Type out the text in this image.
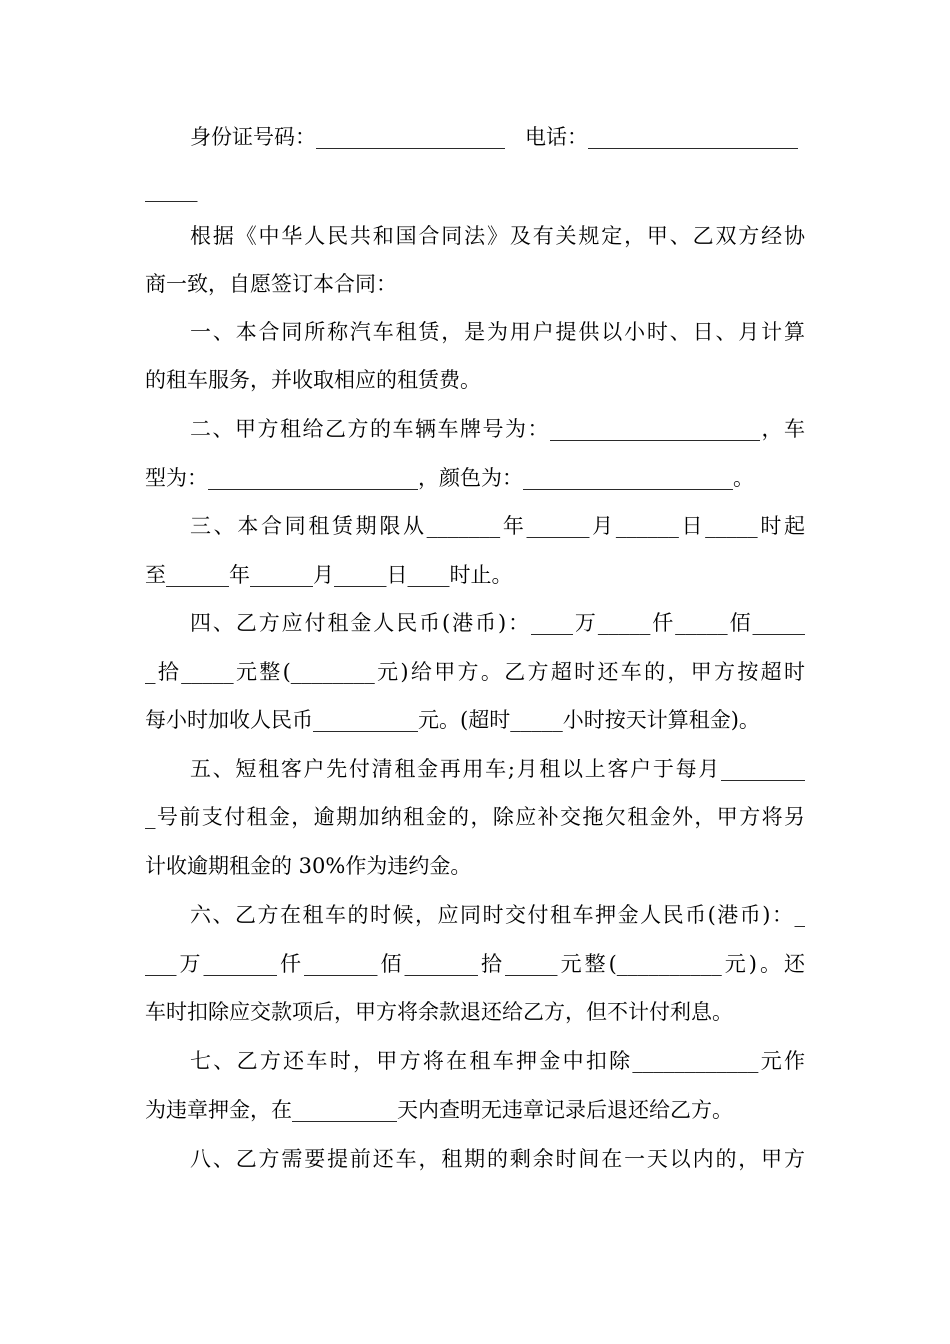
身份证号码：__________________   电话：____________________
_____
根据《中华人民共和国合同法》及有关规定，甲、乙双方经协
商一致，自愿签订本合同：
一、本合同所称汽车租赁，是为用户提供以小时、日、月计算
的租车服务，并收取相应的租赁费。
二、甲方租给乙方的车辆车牌号为：____________________，车
型为：____________________，颜色为：____________________。
三、本合同租赁期限从_______年______月______日_____时起
至______年______月_____日____时止。
四、乙方应付租金人民币(港币)：____万_____仟_____佰_____
_拾_____元整(________元)给甲方。乙方超时还车的，甲方按超时
每小时加收人民币__________元。(超时_____小时按天计算租金)。
五、短租客户先付清租金再用车;月租以上客户于每月________
_号前支付租金，逾期加纳租金的，除应补交拖欠租金外，甲方将另
计收逾期租金的 30%作为违约金。
六、乙方在租车的时候，应同时交付租车押金人民币(港币)：_
___万_______仟_______佰_______拾_____元整(__________元)。还
车时扣除应交款项后，甲方将余款退还给乙方，但不计付利息。
七、乙方还车时，甲方将在租车押金中扣除____________元作
为违章押金，在__________天内查明无违章记录后退还给乙方。
八、乙方需要提前还车，租期的剩余时间在一天以内的，甲方
